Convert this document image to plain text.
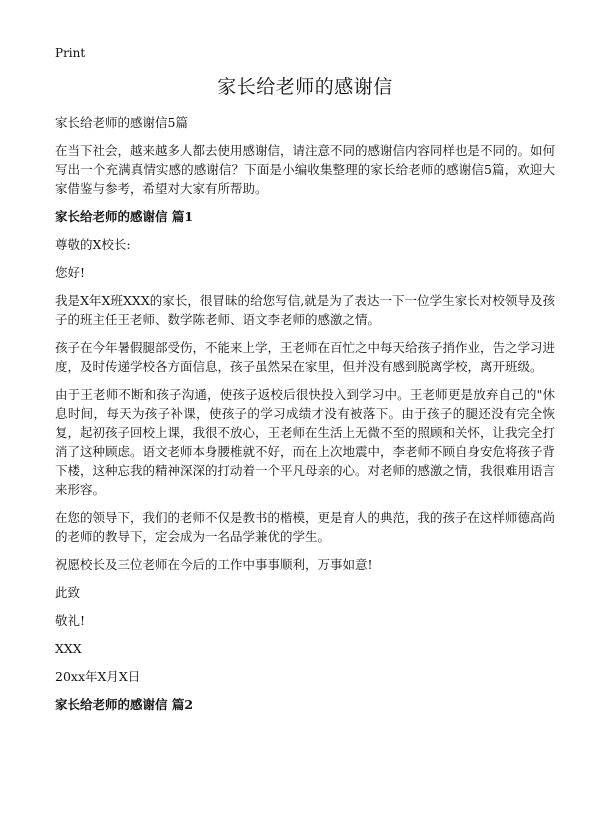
Print
家长给老师的感谢信

家长给老师的感谢信5篇

在当下社会，越来越多人都去使用感谢信，请注意不同的感谢信内容同样也是不同的。如何写出一个充满真情实感的感谢信？下面是小编收集整理的家长给老师的感谢信5篇，欢迎大家借鉴与参考，希望对大家有所帮助。

家长给老师的感谢信 篇1

尊敬的X校长:

您好!

我是X年X班XXX的家长，很冒昧的给您写信,就是为了表达一下一位学生家长对校领导及孩子的班主任王老师、数学陈老师、语文李老师的感激之情。

孩子在今年暑假腿部受伤，不能来上学，王老师在百忙之中每天给孩子捎作业，告之学习进度，及时传递学校各方面信息，孩子虽然呆在家里，但并没有感到脱离学校，离开班级。

由于王老师不断和孩子沟通，使孩子返校后很快投入到学习中。王老师更是放弃自己的"休息时间，每天为孩子补课，使孩子的学习成绩才没有被落下。由于孩子的腿还没有完全恢复，起初孩子回校上课，我很不放心，王老师在生活上无微不至的照顾和关怀，让我完全打消了这种顾虑。语文老师本身腰椎就不好，而在上次地震中，李老师不顾自身安危将孩子背下楼，这种忘我的精神深深的打动着一个平凡母亲的心。对老师的感激之情，我很难用语言来形容。

在您的领导下，我们的老师不仅是教书的楷模，更是育人的典范，我的孩子在这样师德高尚的老师的教导下，定会成为一名品学兼优的学生。

祝愿校长及三位老师在今后的工作中事事顺利，万事如意!

此致

敬礼!

XXX

20xx年X月X日

家长给老师的感谢信 篇2
